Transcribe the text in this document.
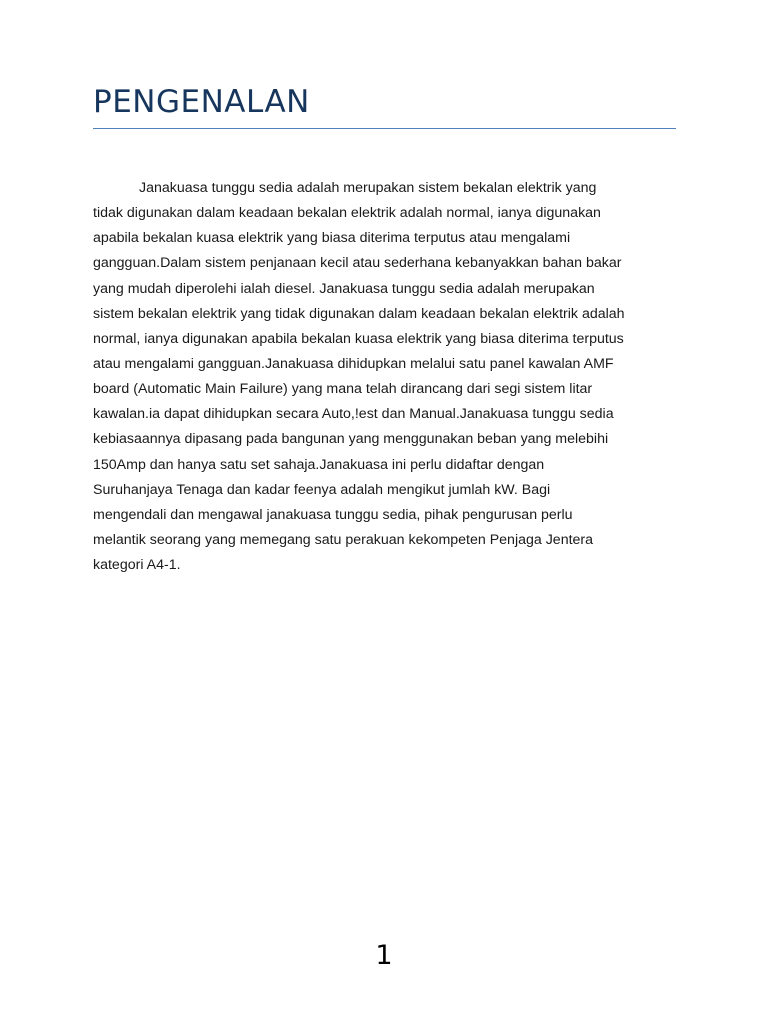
PENGENALAN

Janakuasa tunggu sedia adalah merupakan sistem bekalan elektrik yang
tidak digunakan dalam keadaan bekalan elektrik adalah normal, ianya digunakan
apabila bekalan kuasa elektrik yang biasa diterima terputus atau mengalami
gangguan.Dalam sistem penjanaan kecil atau sederhana kebanyakkan bahan bakar
yang mudah diperolehi ialah diesel. Janakuasa tunggu sedia adalah merupakan
sistem bekalan elektrik yang tidak digunakan dalam keadaan bekalan elektrik adalah
normal, ianya digunakan apabila bekalan kuasa elektrik yang biasa diterima terputus
atau mengalami gangguan.Janakuasa dihidupkan melalui satu panel kawalan AMF
board (Automatic Main Failure) yang mana telah dirancang dari segi sistem litar
kawalan.ia dapat dihidupkan secara Auto,!est dan Manual.Janakuasa tunggu sedia
kebiasaannya dipasang pada bangunan yang menggunakan beban yang melebihi
150Amp dan hanya satu set sahaja.Janakuasa ini perlu didaftar dengan
Suruhanjaya Tenaga dan kadar feenya adalah mengikut jumlah kW. Bagi
mengendali dan mengawal janakuasa tunggu sedia, pihak pengurusan perlu
melantik seorang yang memegang satu perakuan kekompeten Penjaga Jentera
kategori A4-1.

1
